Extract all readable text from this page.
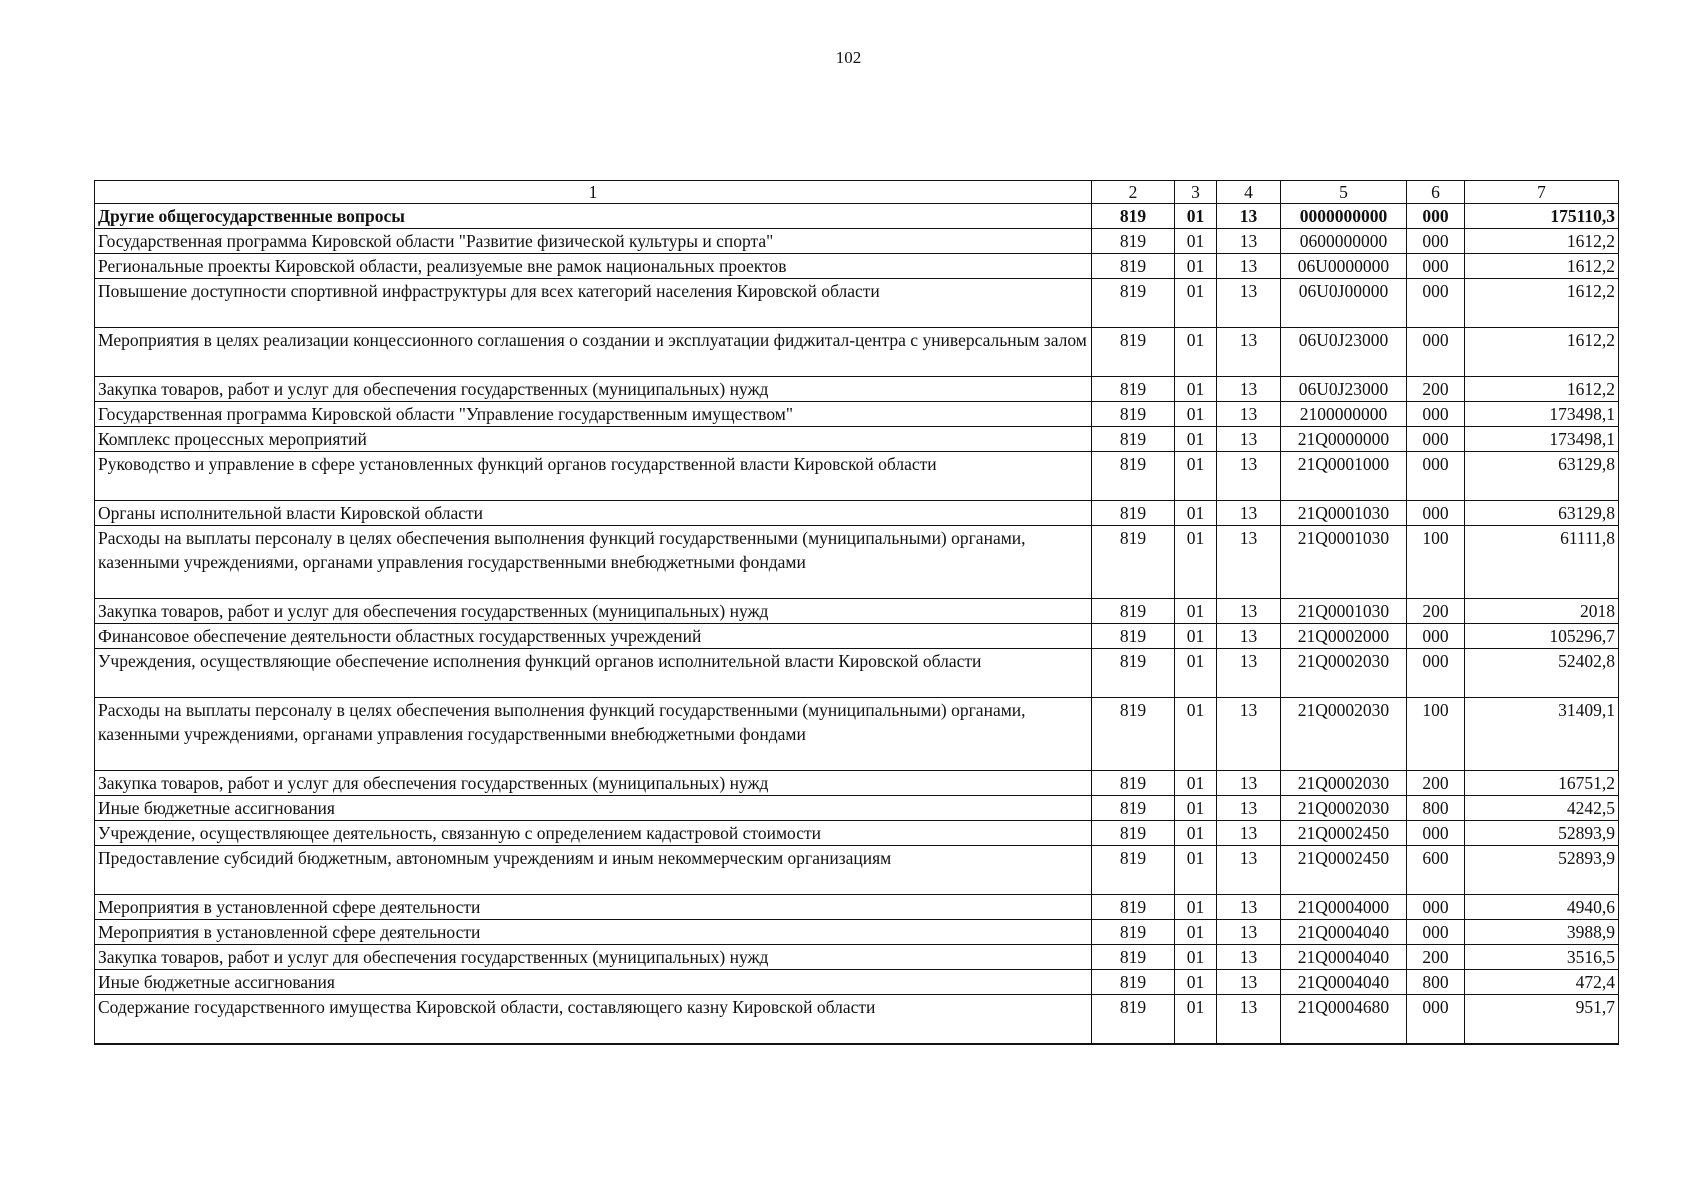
102
1	2	3	4	5	6	7
Другие общегосударственные вопросы	819	01	13	0000000000	000	175110,3
Государственная программа Кировской области "Развитие физической культуры и спорта"	819	01	13	0600000000	000	1612,2
Региональные проекты Кировской области, реализуемые вне рамок национальных проектов	819	01	13	06U0000000	000	1612,2
Повышение доступности спортивной инфраструктуры для всех категорий населения Кировской области	819	01	13	06U0J00000	000	1612,2
Мероприятия в целях реализации концессионного соглашения о создании и эксплуатации фиджитал-центра с универсальным залом	819	01	13	06U0J23000	000	1612,2
Закупка товаров, работ и услуг для обеспечения государственных (муниципальных) нужд	819	01	13	06U0J23000	200	1612,2
Государственная программа Кировской области "Управление государственным имуществом"	819	01	13	2100000000	000	173498,1
Комплекс процессных мероприятий	819	01	13	21Q0000000	000	173498,1
Руководство и управление в сфере установленных функций органов государственной власти Кировской области	819	01	13	21Q0001000	000	63129,8
Органы исполнительной власти Кировской области	819	01	13	21Q0001030	000	63129,8
Расходы на выплаты персоналу в целях обеспечения выполнения функций государственными (муниципальными) органами, казенными учреждениями, органами управления государственными внебюджетными фондами	819	01	13	21Q0001030	100	61111,8
Закупка товаров, работ и услуг для обеспечения государственных (муниципальных) нужд	819	01	13	21Q0001030	200	2018
Финансовое обеспечение деятельности областных государственных учреждений	819	01	13	21Q0002000	000	105296,7
Учреждения, осуществляющие обеспечение исполнения функций органов исполнительной власти Кировской области	819	01	13	21Q0002030	000	52402,8
Расходы на выплаты персоналу в целях обеспечения выполнения функций государственными (муниципальными) органами, казенными учреждениями, органами управления государственными внебюджетными фондами	819	01	13	21Q0002030	100	31409,1
Закупка товаров, работ и услуг для обеспечения государственных (муниципальных) нужд	819	01	13	21Q0002030	200	16751,2
Иные бюджетные ассигнования	819	01	13	21Q0002030	800	4242,5
Учреждение, осуществляющее деятельность, связанную с определением кадастровой стоимости	819	01	13	21Q0002450	000	52893,9
Предоставление субсидий бюджетным, автономным учреждениям и иным некоммерческим организациям	819	01	13	21Q0002450	600	52893,9
Мероприятия в установленной сфере деятельности	819	01	13	21Q0004000	000	4940,6
Мероприятия в установленной сфере деятельности	819	01	13	21Q0004040	000	3988,9
Закупка товаров, работ и услуг для обеспечения государственных (муниципальных) нужд	819	01	13	21Q0004040	200	3516,5
Иные бюджетные ассигнования	819	01	13	21Q0004040	800	472,4
Содержание государственного имущества Кировской области, составляющего казну Кировской области	819	01	13	21Q0004680	000	951,7
